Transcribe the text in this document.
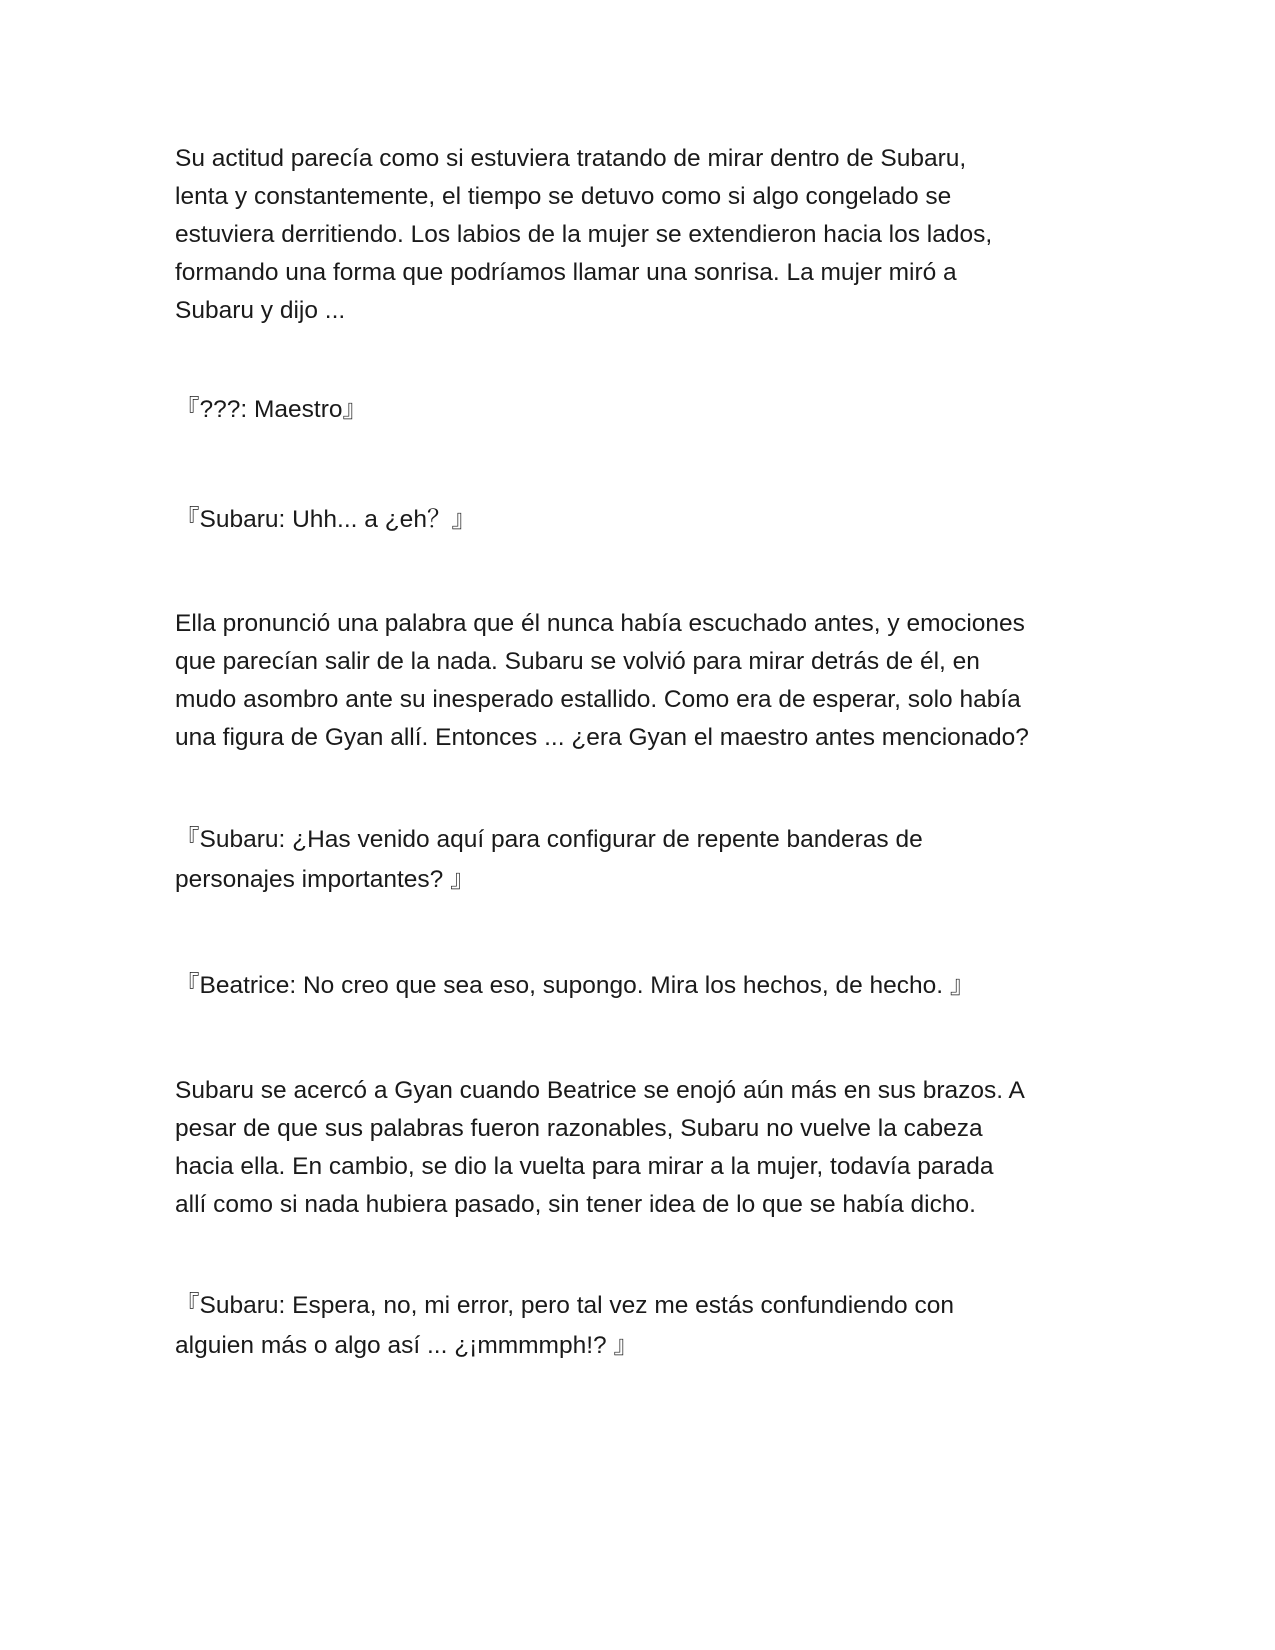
Su actitud parecía como si estuviera tratando de mirar dentro de Subaru,
lenta y constantemente, el tiempo se detuvo como si algo congelado se
estuviera derritiendo. Los labios de la mujer se extendieron hacia los lados,
formando una forma que podríamos llamar una sonrisa. La mujer miró a
Subaru y dijo ...
『???: Maestro』
『Subaru: Uhh... a ¿eh？』
Ella pronunció una palabra que él nunca había escuchado antes, y emociones
que parecían salir de la nada. Subaru se volvió para mirar detrás de él, en
mudo asombro ante su inesperado estallido. Como era de esperar, solo había
una figura de Gyan allí. Entonces ... ¿era Gyan el maestro antes mencionado?
『Subaru: ¿Has venido aquí para configurar de repente banderas de
personajes importantes? 』
『Beatrice: No creo que sea eso, supongo. Mira los hechos, de hecho. 』
Subaru se acercó a Gyan cuando Beatrice se enojó aún más en sus brazos. A
pesar de que sus palabras fueron razonables, Subaru no vuelve la cabeza
hacia ella. En cambio, se dio la vuelta para mirar a la mujer, todavía parada
allí como si nada hubiera pasado, sin tener idea de lo que se había dicho.
『Subaru: Espera, no, mi error, pero tal vez me estás confundiendo con
alguien más o algo así ... ¿¡mmmmph!? 』
